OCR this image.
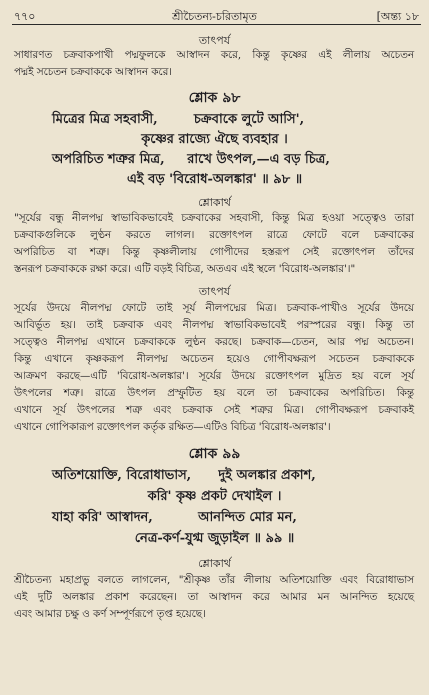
৭৭০	শ্রীচৈতন্য-চরিতামৃত	[অন্ত্য ১৮
তাৎপর্য
সাধারণত চক্রবাকপাখী পদ্মফুলকে আস্বাদন করে, কিন্তু কৃষ্ণের এই লীলায় অচেতন
পদ্মই সচেতন চক্রবাককে আস্বাদন করে।
শ্লোক ৯৮
মিত্রের মিত্র সহবাসী,        চক্রবাকে লুটে আসি',
কৃষ্ণের রাজ্যে ঐছে ব্যবহার ।
অপরিচিত শত্রুর মিত্র,     রাখে উৎপল,—এ বড় চিত্র,
এই বড় 'বিরোধ-অলঙ্কার' ॥ ৯৮ ॥
শ্লোকার্থ
"সূর্যের বন্ধু নীলপদ্ম স্বাভাবিকভাবেই চক্রবাকের সহবাসী, কিন্তু মিত্র হওয়া সত্ত্বেও তারা
চক্রবাকগুলিকে লুণ্ঠন করতে লাগল। রক্তোৎপল রাত্রে ফোটে বলে চক্রবাকের
অপরিচিত বা শত্রু। কিন্তু কৃষ্ণলীলায় গোপীদের হস্তরূপ সেই রক্তোৎপল তাঁদের
স্তনরূপ চক্রবাককে রক্ষা করে। এটি বড়ই বিচিত্র, অতএব এই স্থলে 'বিরোধ-অলঙ্কার'।"
তাৎপর্য
সূর্যের উদয়ে নীলপদ্ম ফোটে তাই সূর্য নীলপদ্মের মিত্র। চক্রবাক-পাখীও সূর্যের উদয়ে
আবির্ভূত হয়। তাই চক্রবাক এবং নীলপদ্ম স্বাভাবিকভাবেই পরস্পরের বন্ধু। কিন্তু তা
সত্ত্বেও নীলপদ্ম এখানে চক্রবাককে লুণ্ঠন করছে। চক্রবাক—চেতন, আর পদ্ম অচেতন।
কিন্তু এখানে কৃষ্ণকরূপ নীলপদ্ম অচেতন হয়েও গোপীবক্ষরূপ সচেতন চক্রবাককে
আক্রমণ করছে—এটি 'বিরোধ-অলঙ্কার'। সূর্যের উদয়ে রক্তোৎপল মুদ্রিত হয় বলে সূর্য
উৎপলের শত্রু। রাত্রে উৎপল প্রস্ফুটিত হয় বলে তা চক্রবাকের অপরিচিত। কিন্তু
এখানে সূর্য উৎপলের শত্রু এবং চক্রবাক সেই শত্রুর মিত্র। গোপীবক্ষরূপ চক্রবাকই
এখানে গোপিকারূপ রক্তোৎপল কর্তৃক রক্ষিত—এটিও বিচিত্র 'বিরোধ-অলঙ্কার'।
শ্লোক ৯৯
অতিশয়োক্তি, বিরোধাভাস,      দুই অলঙ্কার প্রকাশ,
করি' কৃষ্ণ প্রকট দেখাইল ।
যাহা করি' আস্বাদন,          আনন্দিত মোর মন,
নেত্র-কর্ণ-যুগ্ম জুড়াইল ॥ ৯৯ ॥
শ্লোকার্থ
শ্রীচৈতন্য মহাপ্রভু বলতে লাগলেন, "শ্রীকৃষ্ণ তাঁর লীলায় অতিশয়োক্তি এবং বিরোধাভাস
এই দুটি অলঙ্কার প্রকাশ করেছেন। তা আস্বাদন করে আমার মন আনন্দিত হয়েছে
এবং আমার চক্ষু ও কর্ণ সম্পূর্ণরূপে তৃপ্ত হয়েছে।
